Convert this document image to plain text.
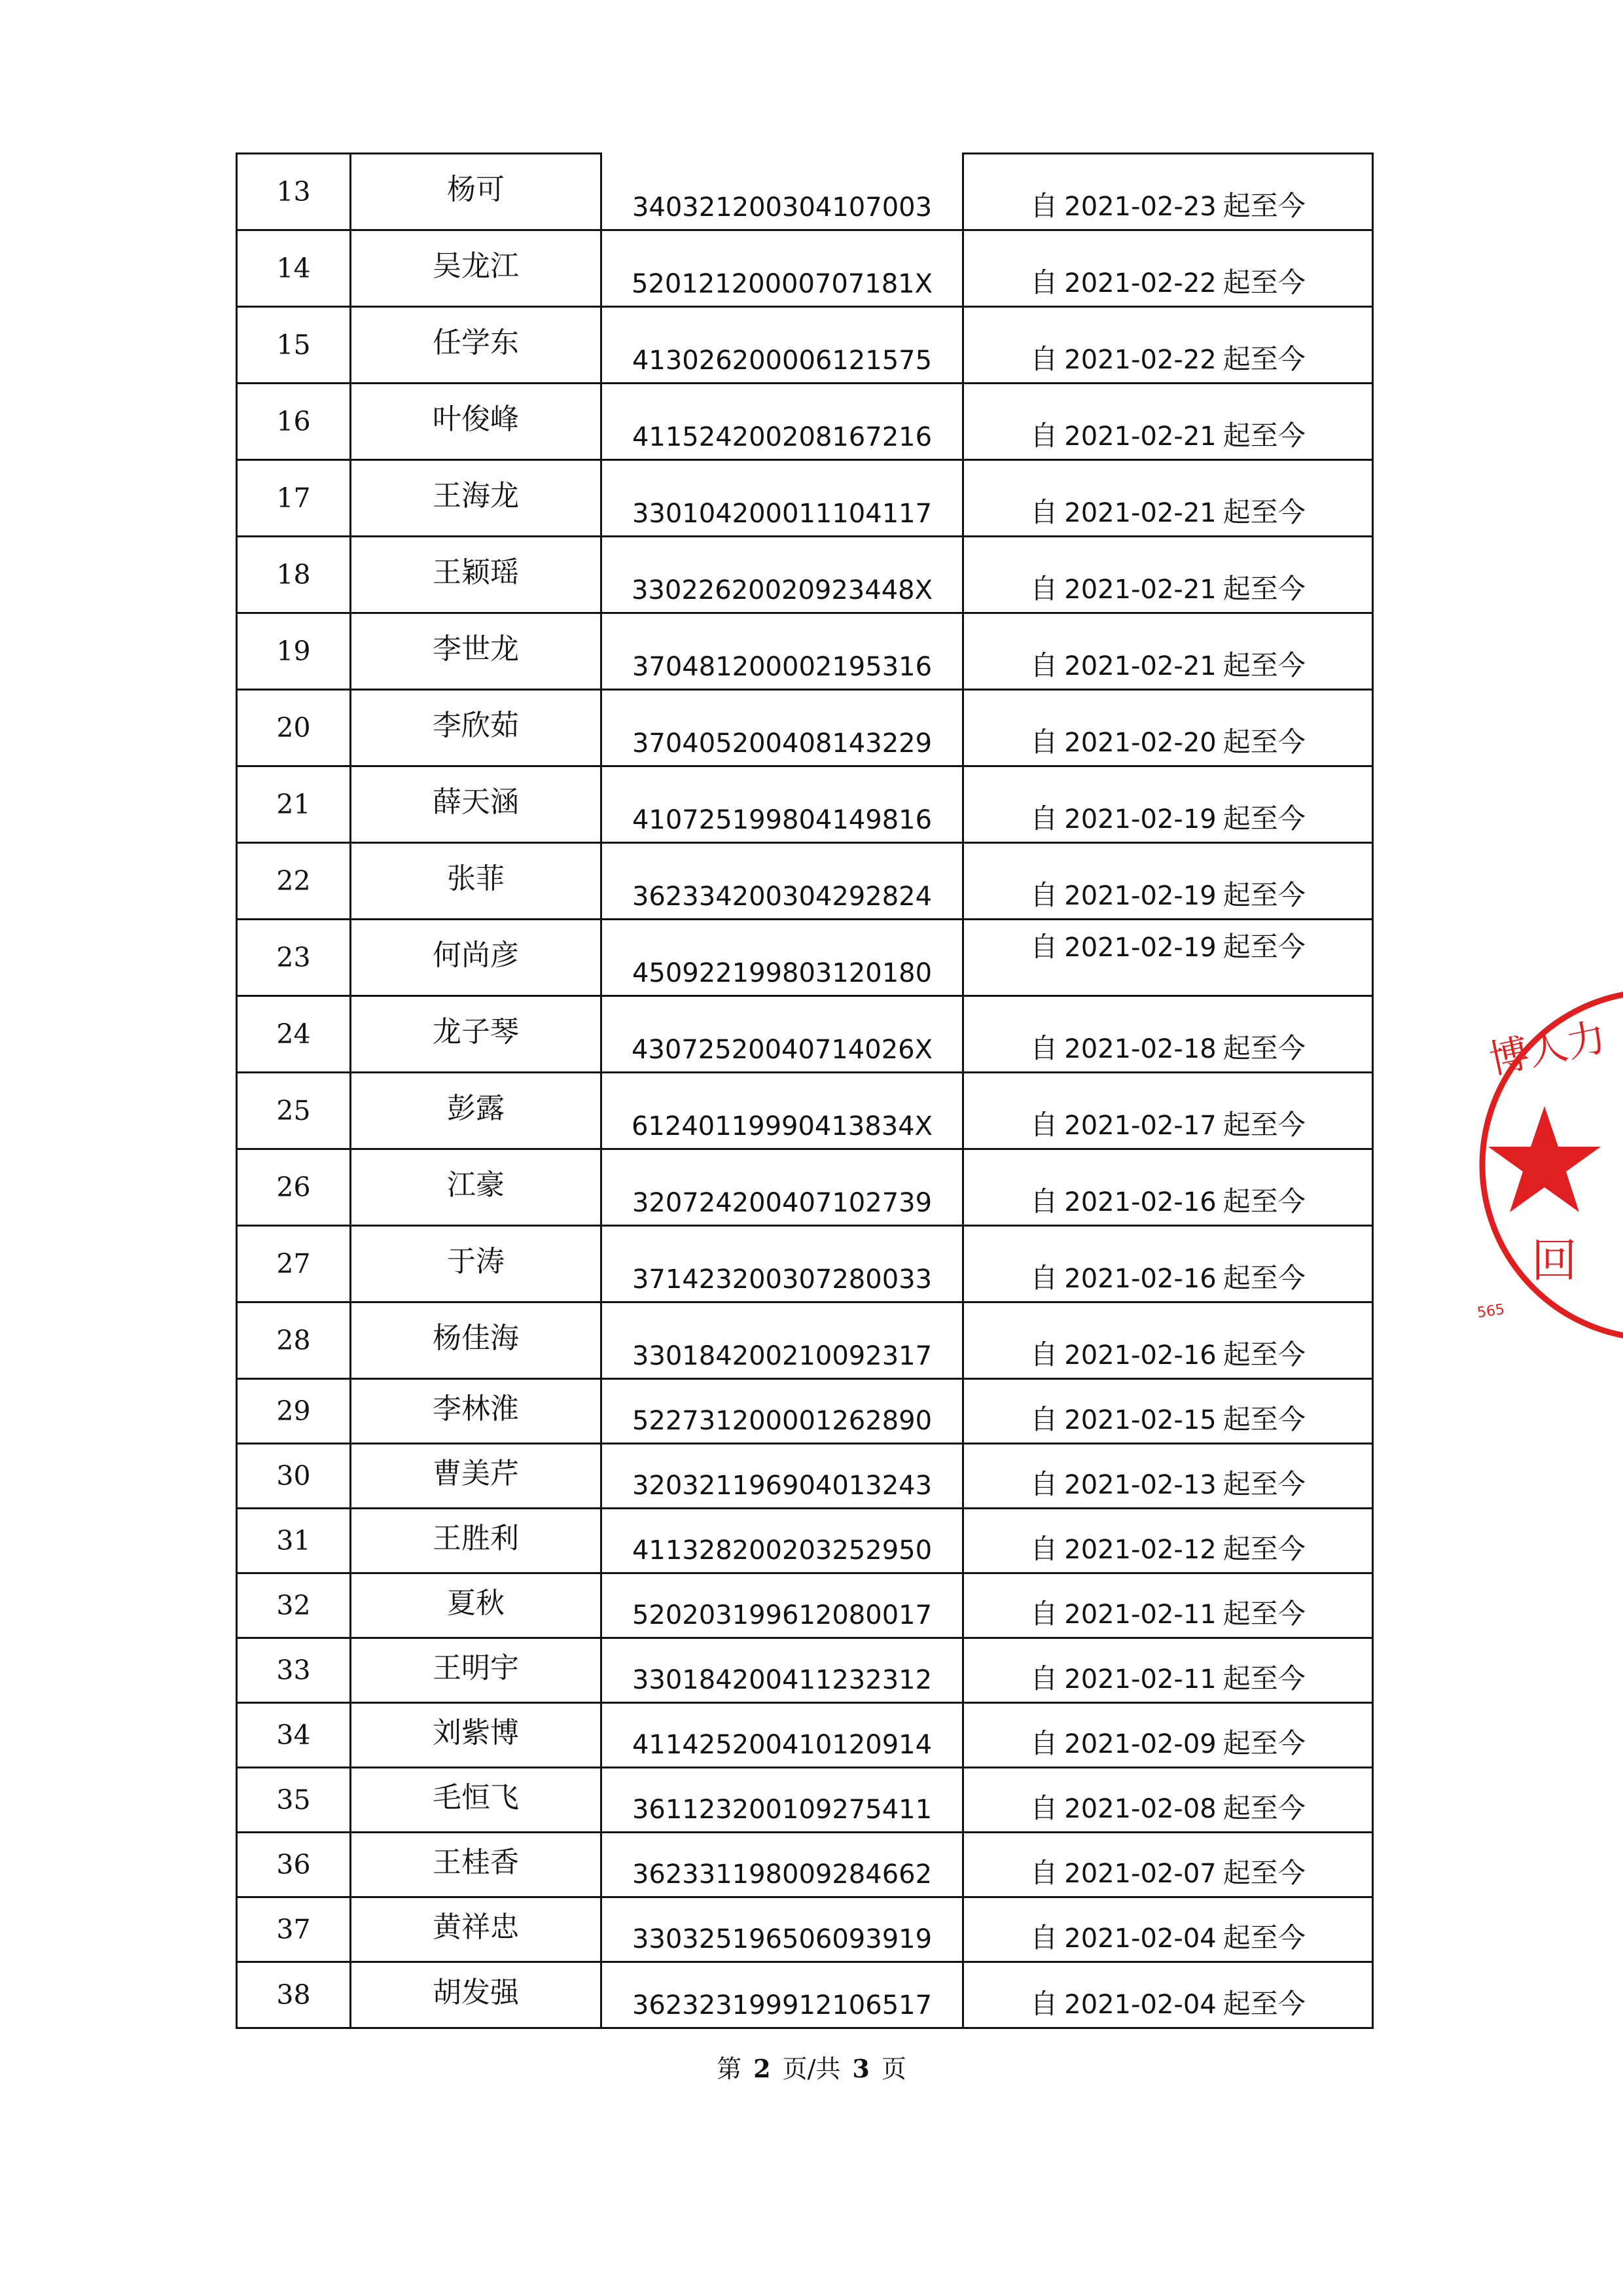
13	杨可	340321200304107003	自 2021-02-23 起至今
14	吴龙江	52012120000707181X	自 2021-02-22 起至今
15	任学东	413026200006121575	自 2021-02-22 起至今
16	叶俊峰	411524200208167216	自 2021-02-21 起至今
17	王海龙	330104200011104117	自 2021-02-21 起至今
18	王颖瑶	33022620020923448X	自 2021-02-21 起至今
19	李世龙	370481200002195316	自 2021-02-21 起至今
20	李欣茹	370405200408143229	自 2021-02-20 起至今
21	薛天涵	410725199804149816	自 2021-02-19 起至今
22	张菲	362334200304292824	自 2021-02-19 起至今
23	何尚彦	450922199803120180	自 2021-02-19 起至今
24	龙子琴	43072520040714026X	自 2021-02-18 起至今
25	彭露	61240119990413834X	自 2021-02-17 起至今
26	江豪	320724200407102739	自 2021-02-16 起至今
27	于涛	371423200307280033	自 2021-02-16 起至今
28	杨佳海	330184200210092317	自 2021-02-16 起至今
29	李林淮	522731200001262890	自 2021-02-15 起至今
30	曹美芹	320321196904013243	自 2021-02-13 起至今
31	王胜利	411328200203252950	自 2021-02-12 起至今
32	夏秋	520203199612080017	自 2021-02-11 起至今
33	王明宇	330184200411232312	自 2021-02-11 起至今
34	刘紫博	411425200410120914	自 2021-02-09 起至今
35	毛恒飞	361123200109275411	自 2021-02-08 起至今
36	王桂香	362331198009284662	自 2021-02-07 起至今
37	黄祥忠	330325196506093919	自 2021-02-04 起至今
38	胡发强	362323199912106517	自 2021-02-04 起至今
第 2 页/共 3 页
博人力
回
565
